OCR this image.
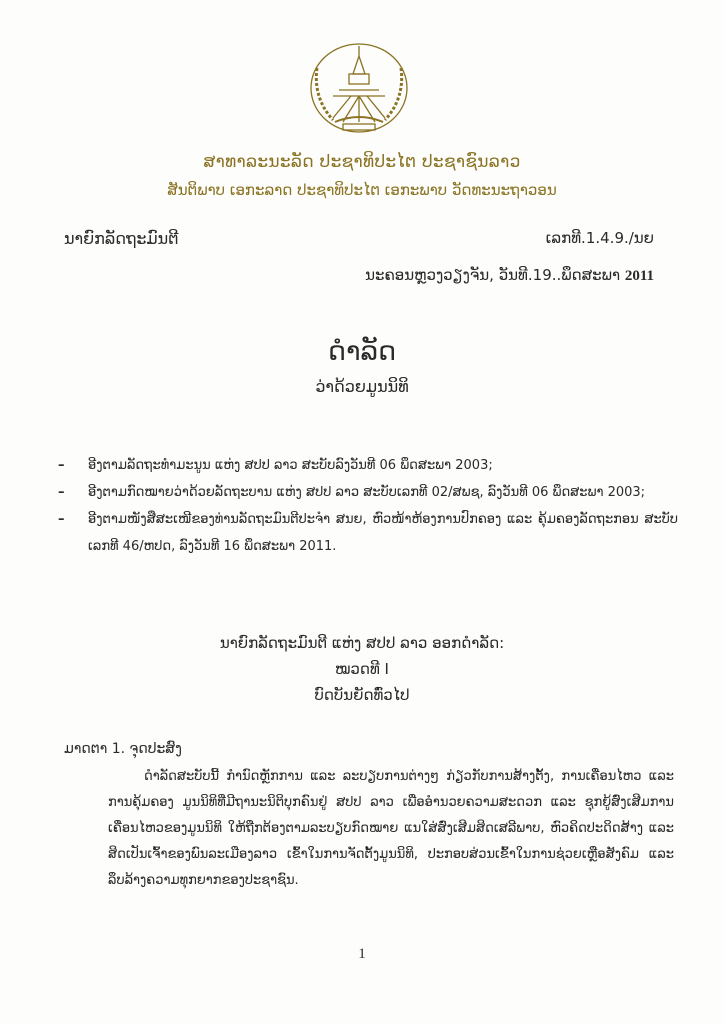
ສາທາລະນະລັດ ປະຊາທິປະໄຕ ປະຊາຊົນລາວ
ສັນຕິພາບ ເອກະລາດ ປະຊາທິປະໄຕ ເອກະພາບ ວັດທະນະຖາວອນ
ນາຍົກລັດຖະມົນຕີ	ເລກທີ.1.4.9./ນຍ
ນະຄອນຫຼວງວຽງຈັນ, ວັນທີ.19..ພຶດສະພາ 2011
ດຳລັດ
ວ່າດ້ວຍມູນນິທິ
–	ອີງຕາມລັດຖະທຳມະນູນ ແຫ່ງ ສປປ ລາວ ສະບັບລົງວັນທີ 06 ພຶດສະພາ 2003;
–	ອີງຕາມກົດໝາຍວ່າດ້ວຍລັດຖະບານ ແຫ່ງ ສປປ ລາວ ສະບັບເລກທີ 02/ສພຊ, ລົງວັນທີ 06 ພຶດສະພາ 2003;
–	ອີງຕາມໜັງສືສະເໜີຂອງທ່ານລັດຖະມົນຕີປະຈຳ ສນຍ, ຫົວໜ້າຫ້ອງການປົກຄອງ ແລະ ຄຸ້ມຄອງລັດຖະກອນ ສະບັບເລກທີ 46/ຫປດ, ລົງວັນທີ 16 ພຶດສະພາ 2011.
ນາຍົກລັດຖະມົນຕີ ແຫ່ງ ສປປ ລາວ ອອກດຳລັດ:
ໝວດທີ I
ບົດບັນຍັດທົ່ວໄປ
ມາດຕາ 1. ຈຸດປະສົງ
ດຳລັດສະບັບນີ້ ກຳນົດຫຼັກການ ແລະ ລະບຽບການຕ່າງໆ ກ່ຽວກັບການສ້າງຕັ້ງ, ການເຄື່ອນໄຫວ ແລະ ການຄຸ້ມຄອງ ມູນນິທິທີ່ມີຖານະນິຕິບຸກຄົນຢູ່ ສປປ ລາວ ເພື່ອອຳນວຍຄວາມສະດວກ ແລະ ຊຸກຍູ້ສົ່ງເສີມການເຄື່ອນໄຫວຂອງມູນນິທິ ໃຫ້ຖືກຕ້ອງຕາມລະບຽບກົດໝາຍ ແນໃສ່ສົ່ງເສີມສິດເສລີພາບ, ຫົວຄິດປະດິດສ້າງ ແລະ ສິດເປັນເຈົ້າຂອງພົນລະເມືອງລາວ ເຂົ້າໃນການຈັດຕັ້ງມູນນິທິ, ປະກອບສ່ວນເຂົ້າໃນການຊ່ວຍເຫຼືອສັງຄົມ ແລະ ລຶບລ້າງຄວາມທຸກຍາກຂອງປະຊາຊົນ.
1
